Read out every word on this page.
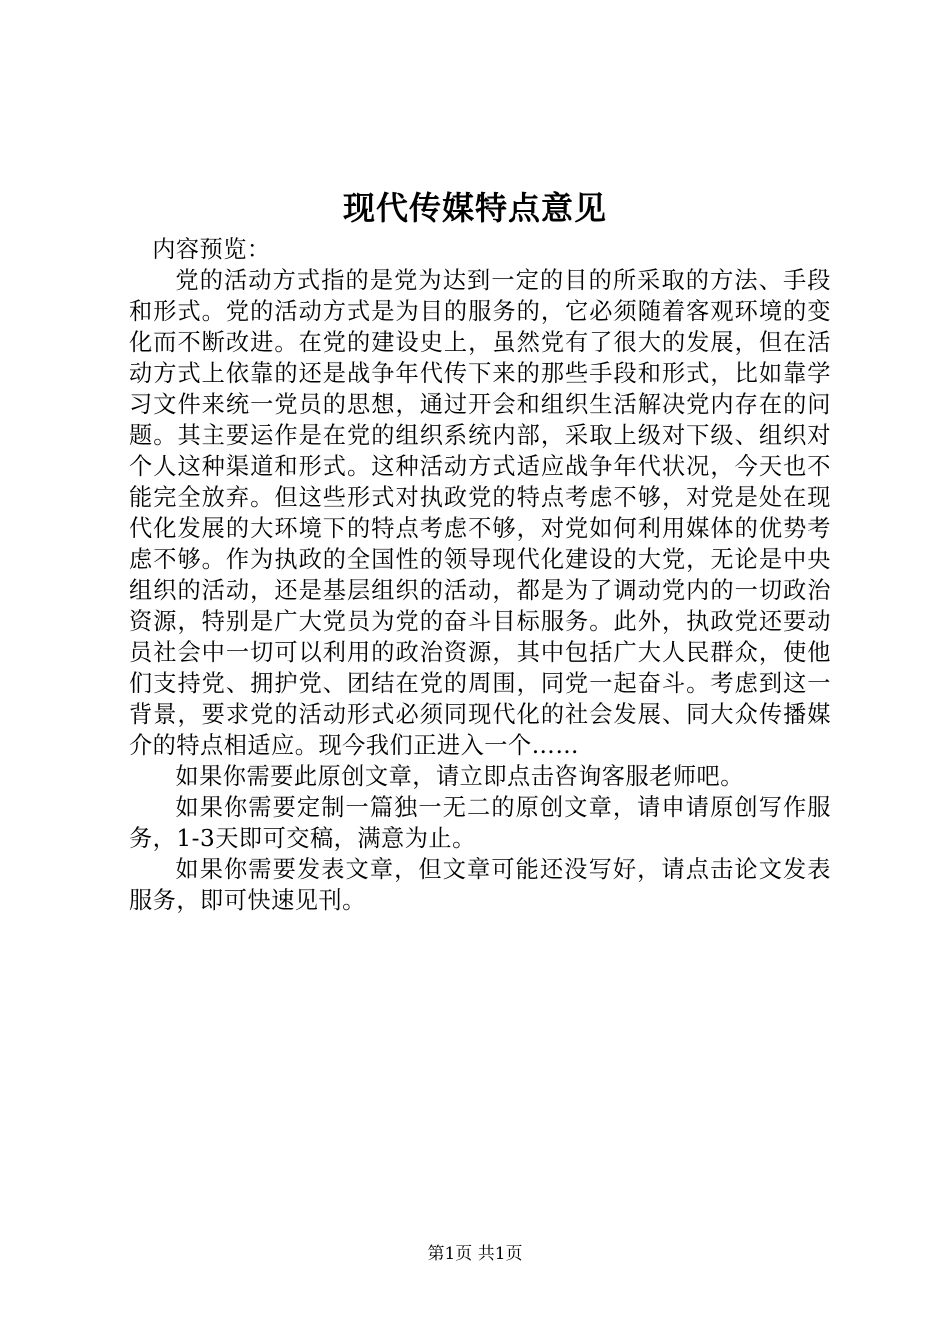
现代传媒特点意见

内容预览：

党的活动方式指的是党为达到一定的目的所采取的方法、手段和形式。党的活动方式是为目的服务的，它必须随着客观环境的变化而不断改进。在党的建设史上，虽然党有了很大的发展，但在活动方式上依靠的还是战争年代传下来的那些手段和形式，比如靠学习文件来统一党员的思想，通过开会和组织生活解决党内存在的问题。其主要运作是在党的组织系统内部，采取上级对下级、组织对个人这种渠道和形式。这种活动方式适应战争年代状况，今天也不能完全放弃。但这些形式对执政党的特点考虑不够，对党是处在现代化发展的大环境下的特点考虑不够，对党如何利用媒体的优势考虑不够。作为执政的全国性的领导现代化建设的大党，无论是中央组织的活动，还是基层组织的活动，都是为了调动党内的一切政治资源，特别是广大党员为党的奋斗目标服务。此外，执政党还要动员社会中一切可以利用的政治资源，其中包括广大人民群众，使他们支持党、拥护党、团结在党的周围，同党一起奋斗。考虑到这一背景，要求党的活动形式必须同现代化的社会发展、同大众传播媒介的特点相适应。现今我们正进入一个……

如果你需要此原创文章，请立即点击咨询客服老师吧。

如果你需要定制一篇独一无二的原创文章，请申请原创写作服务，1-3天即可交稿，满意为止。

如果你需要发表文章，但文章可能还没写好，请点击论文发表服务，即可快速见刊。

第1页 共1页
